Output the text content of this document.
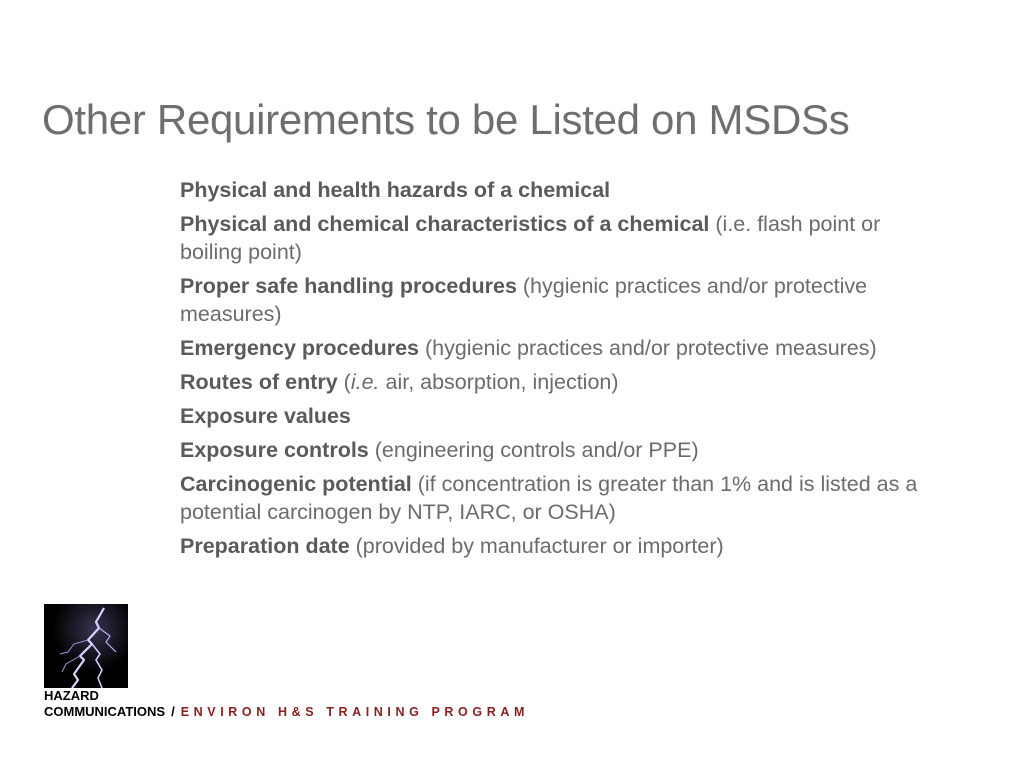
Other Requirements to be Listed on MSDSs
Physical and health hazards of a chemical
Physical and chemical characteristics of a chemical (i.e. flash point or boiling point)
Proper safe handling procedures (hygienic practices and/or protective measures)
Emergency procedures (hygienic practices and/or protective measures)
Routes of entry (i.e. air, absorption, injection)
Exposure values
Exposure controls (engineering controls and/or PPE)
Carcinogenic potential (if concentration is greater than 1% and is listed as a potential carcinogen by NTP, IARC, or OSHA)
Preparation date (provided by manufacturer or importer)
HAZARD
COMMUNICATIONS / ENVIRON H&S TRAINING PROGRAM
